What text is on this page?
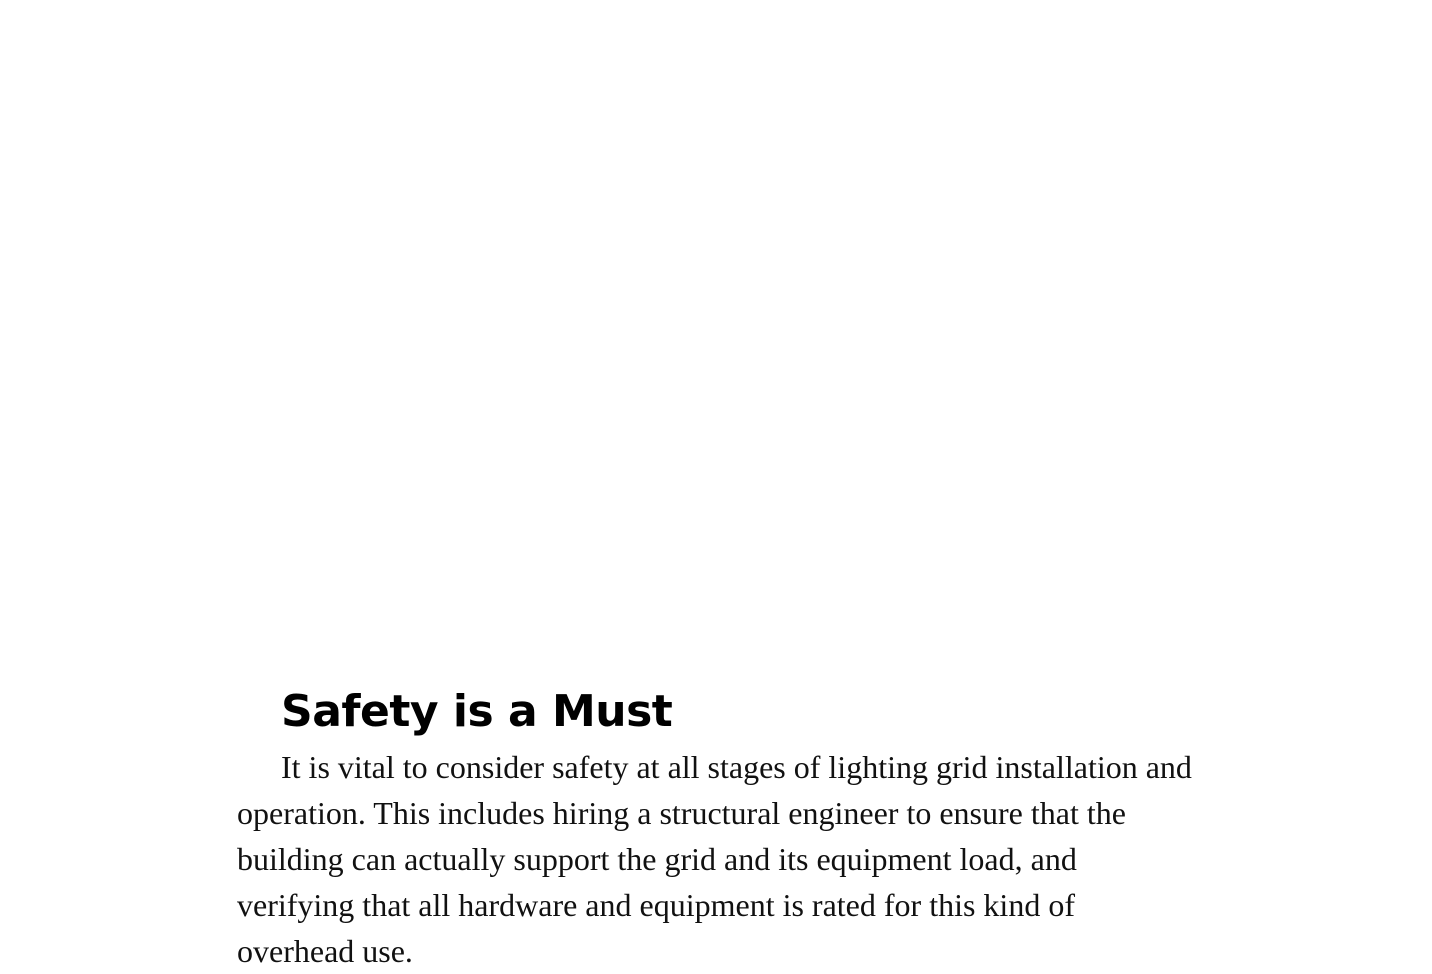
Safety is a Must

It is vital to consider safety at all stages of lighting grid installation and operation. This includes hiring a structural engineer to ensure that the building can actually support the grid and its equipment load, and verifying that all hardware and equipment is rated for this kind of overhead use.
